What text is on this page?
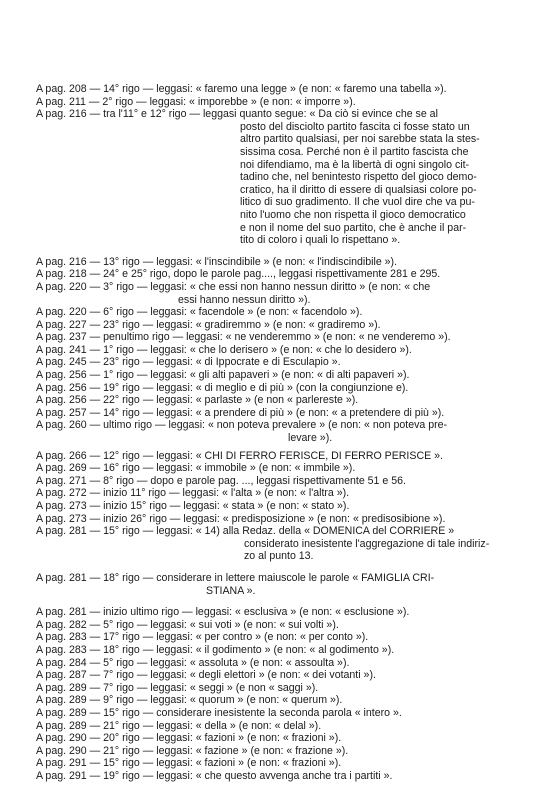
A pag. 208 — 14° rigo — leggasi: « faremo una legge » (e non: « faremo una tabella »).
A pag. 211 — 2° rigo — leggasi: « imporebbe » (e non: « imporre »).
A pag. 216 — tra l'11° e 12° rigo — leggasi quanto segue: « Da ciò si evince che se al
posto del disciolto partito fascita ci fosse stato un
altro partito qualsiasi, per noi sarebbe stata la stes-
sissima cosa. Perché non è il partito fascista che
noi difendiamo, ma è la libertà di ogni singolo cit-
tadino che, nel benintesto rispetto del gioco demo-
cratico, ha il diritto di essere di qualsiasi colore po-
litico di suo gradimento. Il che vuol dire che va pu-
nito l'uomo che non rispetta il gioco democratico
e non il nome del suo partito, che è anche il par-
tito di coloro i quali lo rispettano ».
A pag. 216 — 13° rigo — leggasi: « l'inscindibile » (e non: « l'indiscindibile »).
A pag. 218 — 24° e 25° rigo, dopo le parole pag...., leggasi rispettivamente 281 e 295.
A pag. 220 — 3° rigo — leggasi: « che essi non hanno nessun diritto » (e non: « che
essi hanno nessun diritto »).
A pag. 220 — 6° rigo — leggasi: « facendole » (e non: « facendolo »).
A pag. 227 — 23° rigo — leggasi: « gradiremmo » (e non: « gradiremo »).
A pag. 237 — penultimo rigo — leggasi: « ne venderemmo » (e non: « ne venderemo »).
A pag. 241 — 1° rigo — leggasi: « che lo derisero » (e non: « che lo desidero »).
A pag. 245 — 23° rigo — leggasi: « di Ippocrate e di Esculapio ».
A pag. 256 — 1° rigo — leggasi: « gli alti papaveri » (e non: « di alti papaveri »).
A pag. 256 — 19° rigo — leggasi: « di meglio e di più » (con la congiunzione e).
A pag. 256 — 22° rigo — leggasi: « parlaste » (e non « parlereste »).
A pag. 257 — 14° rigo — leggasi: « a prendere di più » (e non: « a pretendere di più »).
A pag. 260 — ultimo rigo — leggasi: « non poteva prevalere » (e non: « non poteva pre-
levare »).
A pag. 266 — 12° rigo — leggasi: « CHI DI FERRO FERISCE, DI FERRO PERISCE ».
A pag. 269 — 16° rigo — leggasi: « immobile » (e non: « immbile »).
A pag. 271 — 8° rigo — dopo e parole pag. ..., leggasi rispettivamente 51 e 56.
A pag. 272 — inizio 11° rigo — leggasi: « l'alta » (e non: « l'altra »).
A pag. 273 — inizio 15° rigo — leggasi: « stata » (e non: « stato »).
A pag. 273 — inizio 26° rigo — leggasi: « predisposizione » (e non: « predisosibione »).
A pag. 281 — 15° rigo — leggasi: « 14) alla Redaz. della « DOMENICA del CORRIERE »
considerato inesistente l'aggregazione di tale indiriz-
zo al punto 13.
A pag. 281 — 18° rigo — considerare in lettere maiuscole le parole « FAMIGLIA CRI-
STIANA ».
A pag. 281 — inizio ultimo rigo — leggasi: « esclusiva » (e non: « esclusione »).
A pag. 282 — 5° rigo — leggasi: « sui voti » (e non: « sui volti »).
A pag. 283 — 17° rigo — leggasi: « per contro » (e non: « per conto »).
A pag. 283 — 18° rigo — leggasi: « il godimento » (e non: « al godimento »).
A pag. 284 — 5° rigo — leggasi: « assoluta » (e non: « assoulta »).
A pag. 287 — 7° rigo — leggasi: « degli elettori » (e non: « dei votanti »).
A pag. 289 — 7° rigo — leggasi: « seggi » (e non « saggi »).
A pag. 289 — 9° rigo — leggasi: « quorum » (e non: « querum »).
A pag. 289 — 15° rigo — considerare inesistente la seconda parola « intero ».
A pag. 289 — 21° rigo — leggasi: « della » (e non: « delal »).
A pag. 290 — 20° rigo — leggasi: « fazioni » (e non: « frazioni »).
A pag. 290 — 21° rigo — leggasi: « fazione » (e non: « frazione »).
A pag. 291 — 15° rigo — leggasi: « fazioni » (e non: « frazioni »).
A pag. 291 — 19° rigo — leggasi: « che questo avvenga anche tra i partiti ».
